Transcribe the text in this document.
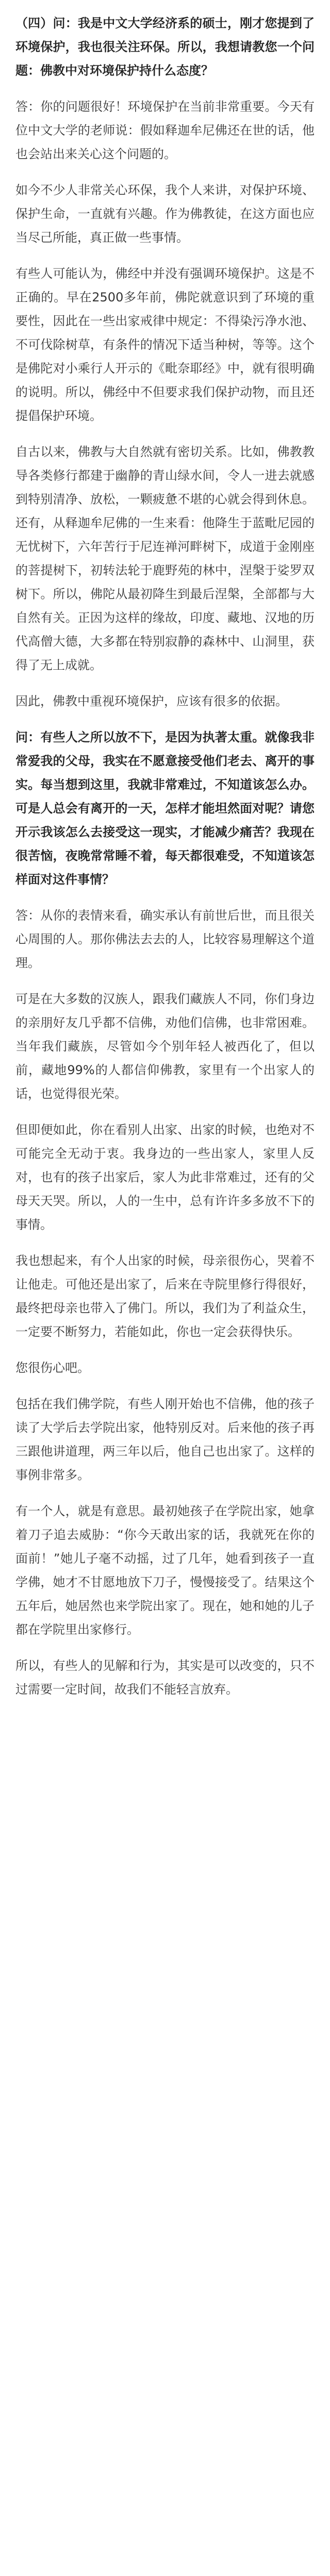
（四）问：我是中文大学经济系的硕士，刚才您提到了环境保护，我也很关注环保。所以，我想请教您一个问题：佛教中对环境保护持什么态度？

答：你的问题很好！环境保护在当前非常重要。今天有位中文大学的老师说：假如释迦牟尼佛还在世的话，他也会站出来关心这个问题的。

如今不少人非常关心环保，我个人来讲，对保护环境、保护生命，一直就有兴趣。作为佛教徒，在这方面也应当尽己所能，真正做一些事情。

有些人可能认为，佛经中并没有强调环境保护。这是不正确的。早在2500多年前，佛陀就意识到了环境的重要性，因此在一些出家戒律中规定：不得染污净水池、不可伐除树草，有条件的情况下适当种树，等等。这个是佛陀对小乘行人开示的《毗奈耶经》中，就有很明确的说明。所以，佛经中不但要求我们保护动物，而且还提倡保护环境。

自古以来，佛教与大自然就有密切关系。比如，佛教教导各类修行都建于幽静的青山绿水间，令人一进去就感到特别清净、放松，一颗疲惫不堪的心就会得到休息。还有，从释迦牟尼佛的一生来看：他降生于蓝毗尼园的无忧树下，六年苦行于尼连禅河畔树下，成道于金刚座的菩提树下，初转法轮于鹿野苑的林中，涅槃于娑罗双树下。所以，佛陀从最初降生到最后涅槃，全部都与大自然有关。正因为这样的缘故，印度、藏地、汉地的历代高僧大德，大多都在特别寂静的森林中、山洞里，获得了无上成就。

因此，佛教中重视环境保护，应该有很多的依据。

问：有些人之所以放不下，是因为执著太重。就像我非常爱我的父母，我实在不愿意接受他们老去、离开的事实。每当想到这里，我就非常难过，不知道该怎么办。可是人总会有离开的一天，怎样才能坦然面对呢？请您开示我该怎么去接受这一现实，才能减少痛苦？我现在很苦恼，夜晚常常睡不着，每天都很难受，不知道该怎样面对这件事情？

答：从你的表情来看，确实承认有前世后世，而且很关心周围的人。那你佛法去去的人，比较容易理解这个道理。

可是在大多数的汉族人，跟我们藏族人不同，你们身边的亲朋好友几乎都不信佛，劝他们信佛，也非常困难。当年我们藏族，尽管如今个别年轻人被西化了，但以前，藏地99%的人都信仰佛教，家里有一个出家人的话，也觉得很光荣。

但即便如此，你在看别人出家、出家的时候，也绝对不可能完全无动于衷。我身边的一些出家人，家里人反对，也有的孩子出家后，家人为此非常难过，还有的父母天天哭。所以，人的一生中，总有许许多多放不下的事情。

我也想起来，有个人出家的时候，母亲很伤心，哭着不让他走。可他还是出家了，后来在寺院里修行得很好，最终把母亲也带入了佛门。所以，我们为了利益众生，一定要不断努力，若能如此，你也一定会获得快乐。

您很伤心吧。

包括在我们佛学院，有些人刚开始也不信佛，他的孩子读了大学后去学院出家，他特别反对。后来他的孩子再三跟他讲道理，两三年以后，他自己也出家了。这样的事例非常多。

有一个人，就是有意思。最初她孩子在学院出家，她拿着刀子追去威胁：“你今天敢出家的话，我就死在你的面前！”她儿子毫不动摇，过了几年，她看到孩子一直学佛，她才不甘愿地放下刀子，慢慢接受了。结果这个五年后，她居然也来学院出家了。现在，她和她的儿子都在学院里出家修行。

所以，有些人的见解和行为，其实是可以改变的，只不过需要一定时间，故我们不能轻言放弃。
